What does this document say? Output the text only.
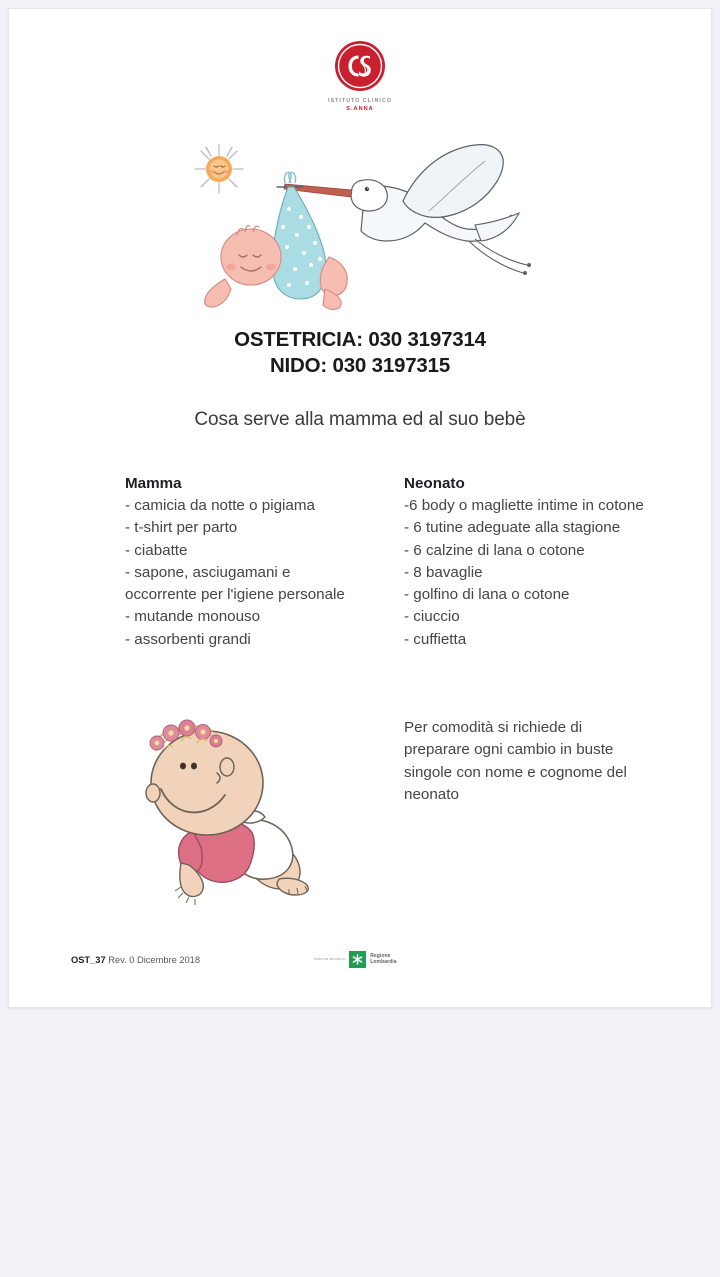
ISTITUTO CLINICO
S.ANNA
OSTETRICIA: 030 3197314
NIDO: 030 3197315
Cosa serve alla mamma ed al suo bebè
Mamma
- camicia da notte o pigiama
- t-shirt per parto
- ciabatte
- sapone, asciugamani e occorrente per l'igiene personale
- mutande monouso
- assorbenti grandi
Neonato
-6 body o magliette intime in cotone
- 6 tutine adeguate alla stagione
- 6 calzine di lana o cotone
- 8 bavaglie
- golfino di lana o cotone
- ciuccio
- cuffietta
Per comodità si richiede di preparare ogni cambio in buste singole con nome e cognome del neonato
OST_37 Rev. 0 Dicembre 2018	sistema sanitario	Regione
Lombardia
